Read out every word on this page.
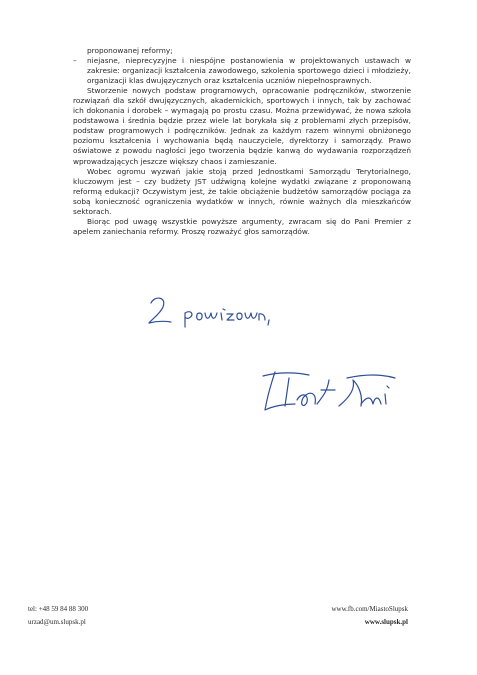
proponowanej reformy;

–	niejasne, nieprecyzyjne i niespójne postanowienia w projektowanych ustawach w zakresie: organizacji kształcenia zawodowego, szkolenia sportowego dzieci i młodzieży, organizacji klas dwujęzycznych oraz kształcenia uczniów niepełnosprawnych.

Stworzenie nowych podstaw programowych, opracowanie podręczników, stworzenie rozwiązań dla szkół dwujęzycznych, akademickich, sportowych i innych, tak by zachować ich dokonania i dorobek – wymagają po prostu czasu. Można przewidywać, że nowa szkoła podstawowa i średnia będzie przez wiele lat borykała się z problemami złych przepisów, podstaw programowych i podręczników. Jednak za każdym razem winnymi obniżonego poziomu kształcenia i wychowania będą nauczyciele, dyrektorzy i samorządy. Prawo oświatowe z powodu nagłości jego tworzenia będzie kanwą do wydawania rozporządzeń wprowadzających jeszcze większy chaos i zamieszanie.

Wobec ogromu wyzwań jakie stoją przed Jednostkami Samorządu Terytorialnego, kluczowym jest – czy budżety JST udźwigną kolejne wydatki związane z proponowaną reformą edukacji? Oczywistym jest, że takie obciążenie budżetów samorządów pociąga za sobą konieczność ograniczenia wydatków w innych, równie ważnych dla mieszkańców sektorach.

Biorąc pod uwagę wszystkie powyższe argumenty, zwracam się do Pani Premier z apelem zaniechania reformy. Proszę rozważyć głos samorządów.

tel: +48 59 84 88 300
urzad@um.slupsk.pl
www.fb.com/MiastoSlupsk
www.slupsk.pl
